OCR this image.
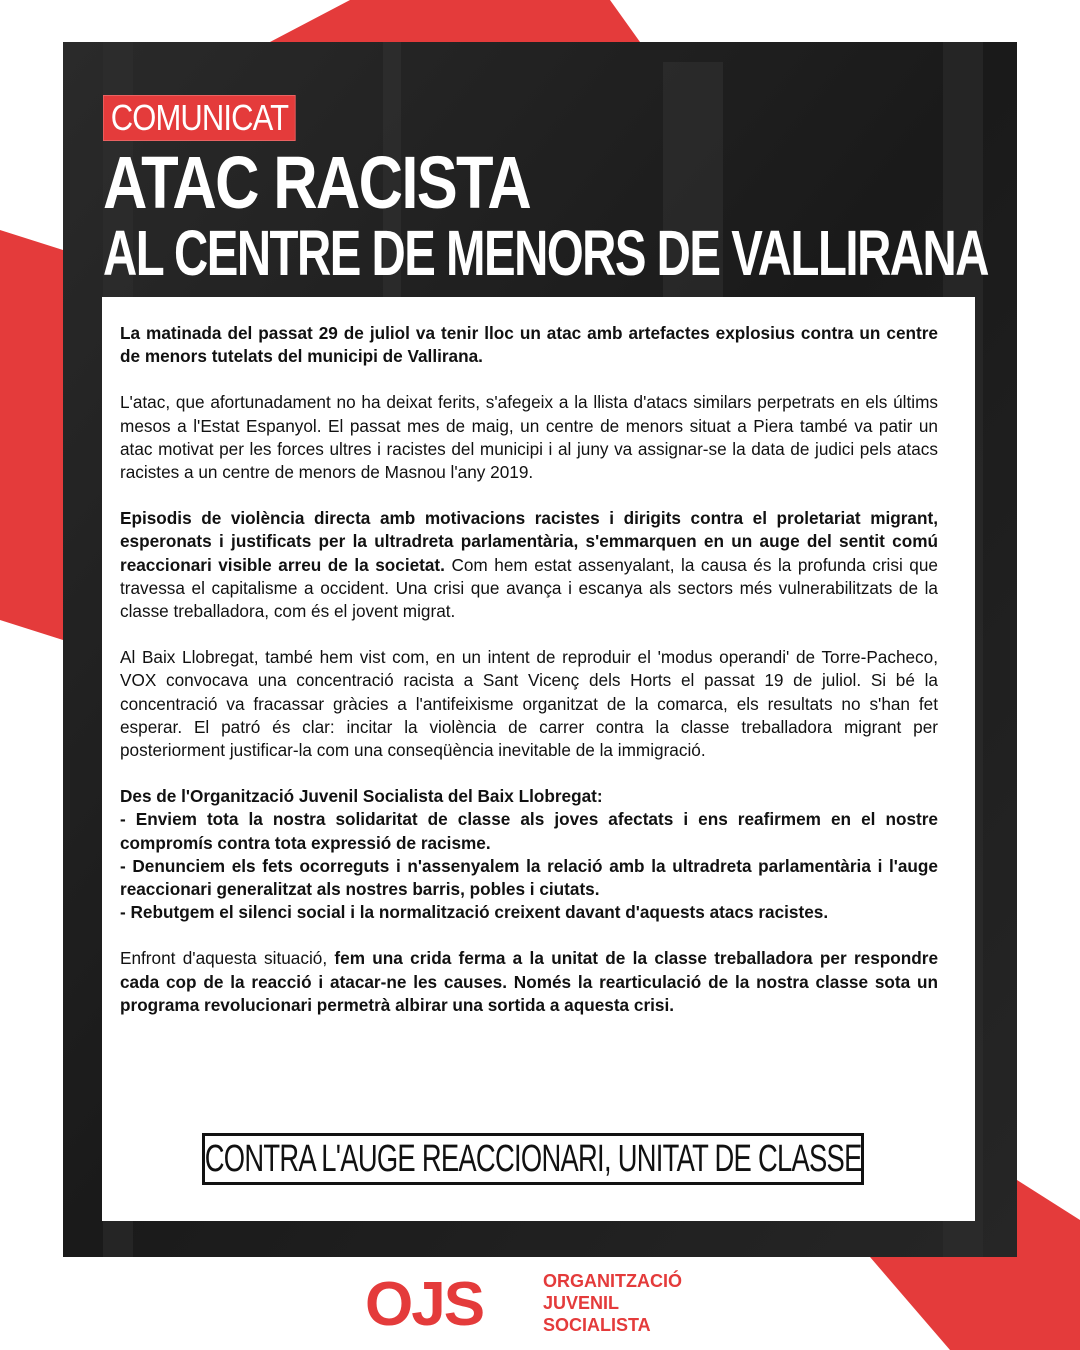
COMUNICAT
ATAC RACISTA
AL CENTRE DE MENORS DE VALLIRANA

La matinada del passat 29 de juliol va tenir lloc un atac amb artefactes explosius contra un centre de menors tutelats del municipi de Vallirana.

L'atac, que afortunadament no ha deixat ferits, s'afegeix a la llista d'atacs similars perpetrats en els últims mesos a l'Estat Espanyol. El passat mes de maig, un centre de menors situat a Piera també va patir un atac motivat per les forces ultres i racistes del municipi i al juny va assignar-se la data de judici pels atacs racistes a un centre de menors de Masnou l'any 2019.

Episodis de violència directa amb motivacions racistes i dirigits contra el proletariat migrant, esperonats i justificats per la ultradreta parlamentària, s'emmarquen en un auge del sentit comú reaccionari visible arreu de la societat. Com hem estat assenyalant, la causa és la profunda crisi que travessa el capitalisme a occident. Una crisi que avança i escanya als sectors més vulnerabilitzats de la classe treballadora, com és el jovent migrat.

Al Baix Llobregat, també hem vist com, en un intent de reproduir el 'modus operandi' de Torre-Pacheco, VOX convocava una concentració racista a Sant Vicenç dels Horts el passat 19 de juliol. Si bé la concentració va fracassar gràcies a l'antifeixisme organitzat de la comarca, els resultats no s'han fet esperar. El patró és clar: incitar la violència de carrer contra la classe treballadora migrant per posteriorment justificar-la com una conseqüència inevitable de la immigració.

Des de l'Organització Juvenil Socialista del Baix Llobregat:
- Enviem tota la nostra solidaritat de classe als joves afectats i ens reafirmem en el nostre compromís contra tota expressió de racisme.
- Denunciem els fets ocorreguts i n'assenyalem la relació amb la ultradreta parlamentària i l'auge reaccionari generalitzat als nostres barris, pobles i ciutats.
- Rebutgem el silenci social i la normalització creixent davant d'aquests atacs racistes.

Enfront d'aquesta situació, fem una crida ferma a la unitat de la classe treballadora per respondre cada cop de la reacció i atacar-ne les causes. Només la rearticulació de la nostra classe sota un programa revolucionari permetrà albirar una sortida a aquesta crisi.

CONTRA L'AUGE REACCIONARI, UNITAT DE CLASSE
OJS	ORGANITZACIÓ
JUVENIL
SOCIALISTA
